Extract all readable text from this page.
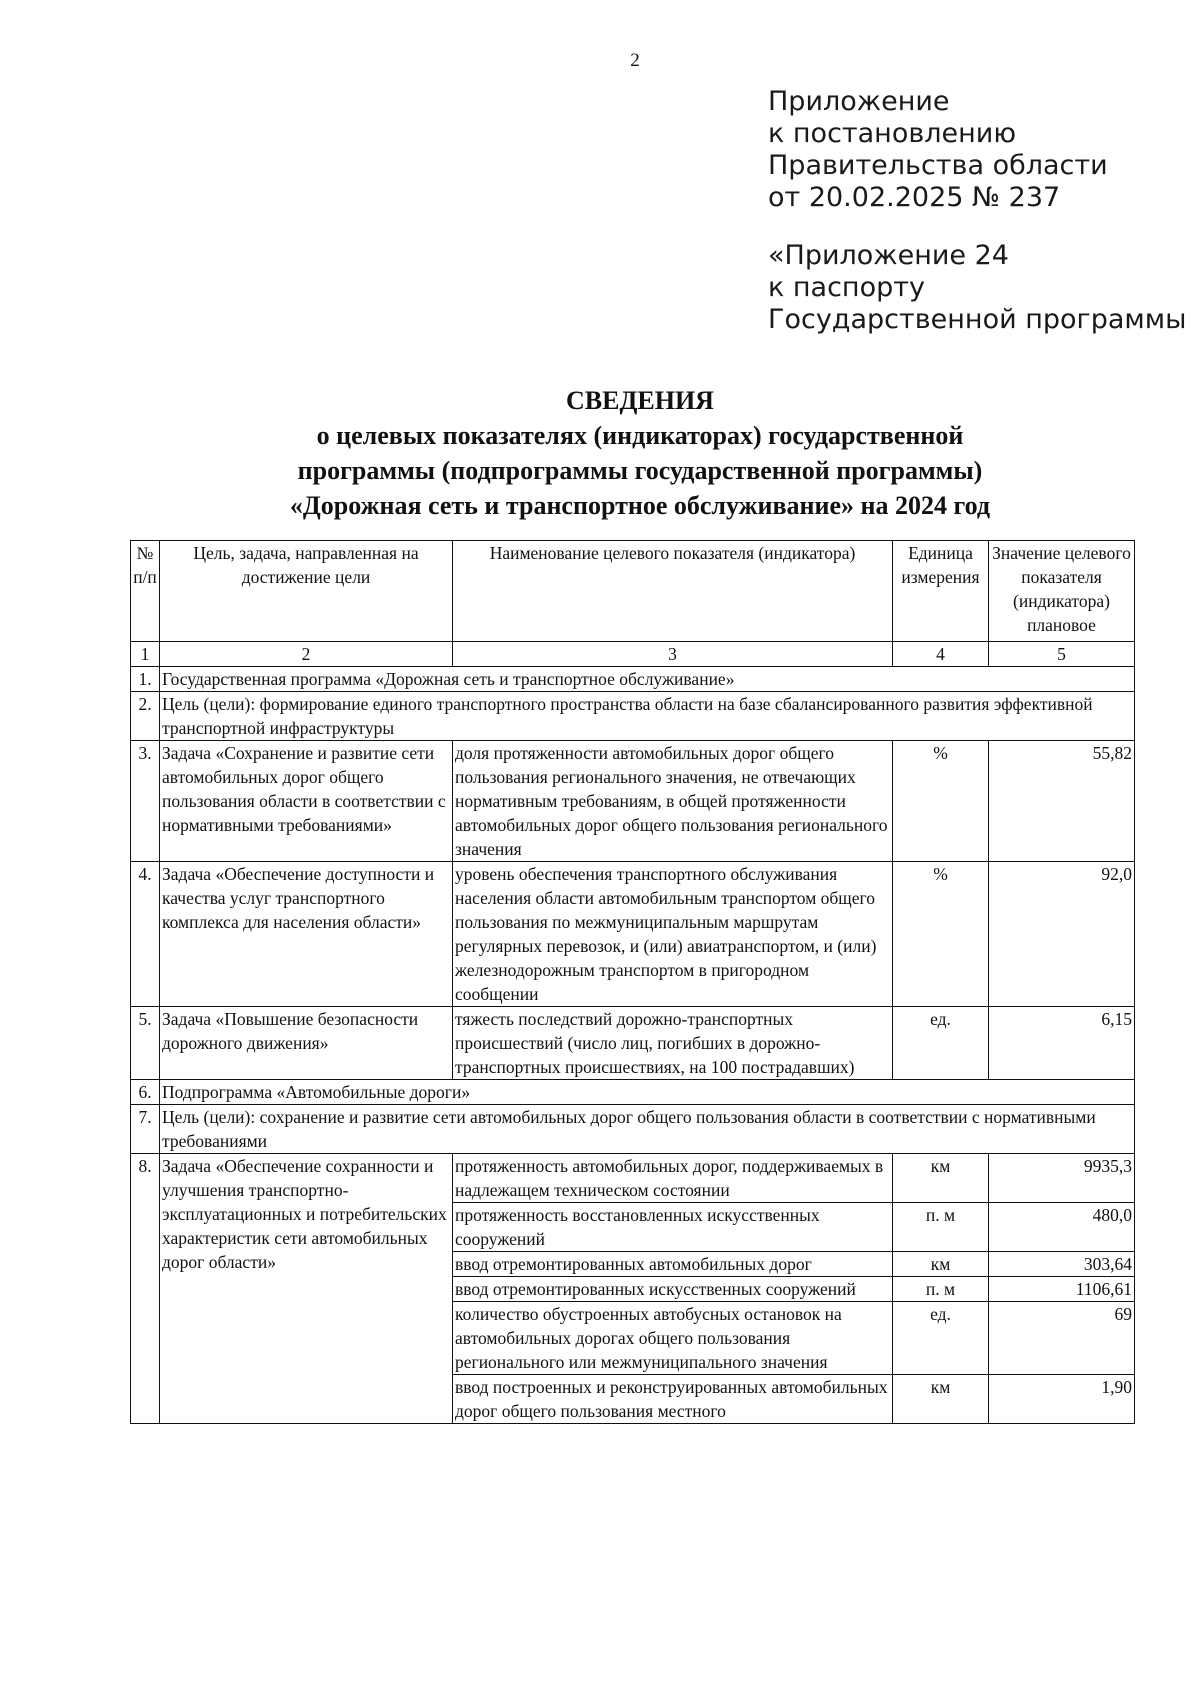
2
Приложение
к постановлению
Правительства области
от 20.02.2025 № 237
«Приложение 24
к паспорту
Государственной программы
СВЕДЕНИЯ
о целевых показателях (индикаторах) государственной
программы (подпрограммы государственной программы)
«Дорожная сеть и транспортное обслуживание» на 2024 год
№ п/п	Цель, задача, направленная на достижение цели	Наименование целевого показателя (индикатора)	Единица измерения	Значение целевого показателя (индикатора) плановое
1	2	3	4	5
1.	Государственная программа «Дорожная сеть и транспортное обслуживание»			
2.	Цель (цели): формирование единого транспортного пространства области на базе сбалансированного развития эффективной транспортной инфраструктуры			
3.	Задача «Сохранение и развитие сети автомобильных дорог общего пользования области в соответствии с нормативными требованиями»	доля протяженности автомобильных дорог общего пользования регионального значения, не отвечающих нормативным требованиям, в общей протяженности автомобильных дорог общего пользования регионального значения	%	55,82
4.	Задача «Обеспечение доступности и качества услуг транспортного комплекса для населения области»	уровень обеспечения транспортного обслуживания населения области автомобильным транспортом общего пользования по межмуниципальным маршрутам регулярных перевозок, и (или) авиатранспортом, и (или) железнодорожным транспортом в пригородном сообщении	%	92,0
5.	Задача «Повышение безопасности дорожного движения»	тяжесть последствий дорожно-транспортных происшествий (число лиц, погибших в дорожно-транспортных происшествиях, на 100 пострадавших)	ед.	6,15
6.	Подпрограмма «Автомобильные дороги»			
7.	Цель (цели): сохранение и развитие сети автомобильных дорог общего пользования области в соответствии с нормативными требованиями			
8.	Задача «Обеспечение сохранности и улучшения транспортно-эксплуатационных и потребительских характеристик сети автомобильных дорог области»	протяженность автомобильных дорог, поддерживаемых в надлежащем техническом состоянии	км	9935,3
		протяженность восстановленных искусственных сооружений	п. м	480,0
		ввод отремонтированных автомобильных дорог	км	303,64
		ввод отремонтированных искусственных сооружений	п. м	1106,61
		количество обустроенных автобусных остановок на автомобильных дорогах общего пользования регионального или межмуниципального значения	ед.	69
		ввод построенных и реконструированных автомобильных дорог общего пользования местного	км	1,90
